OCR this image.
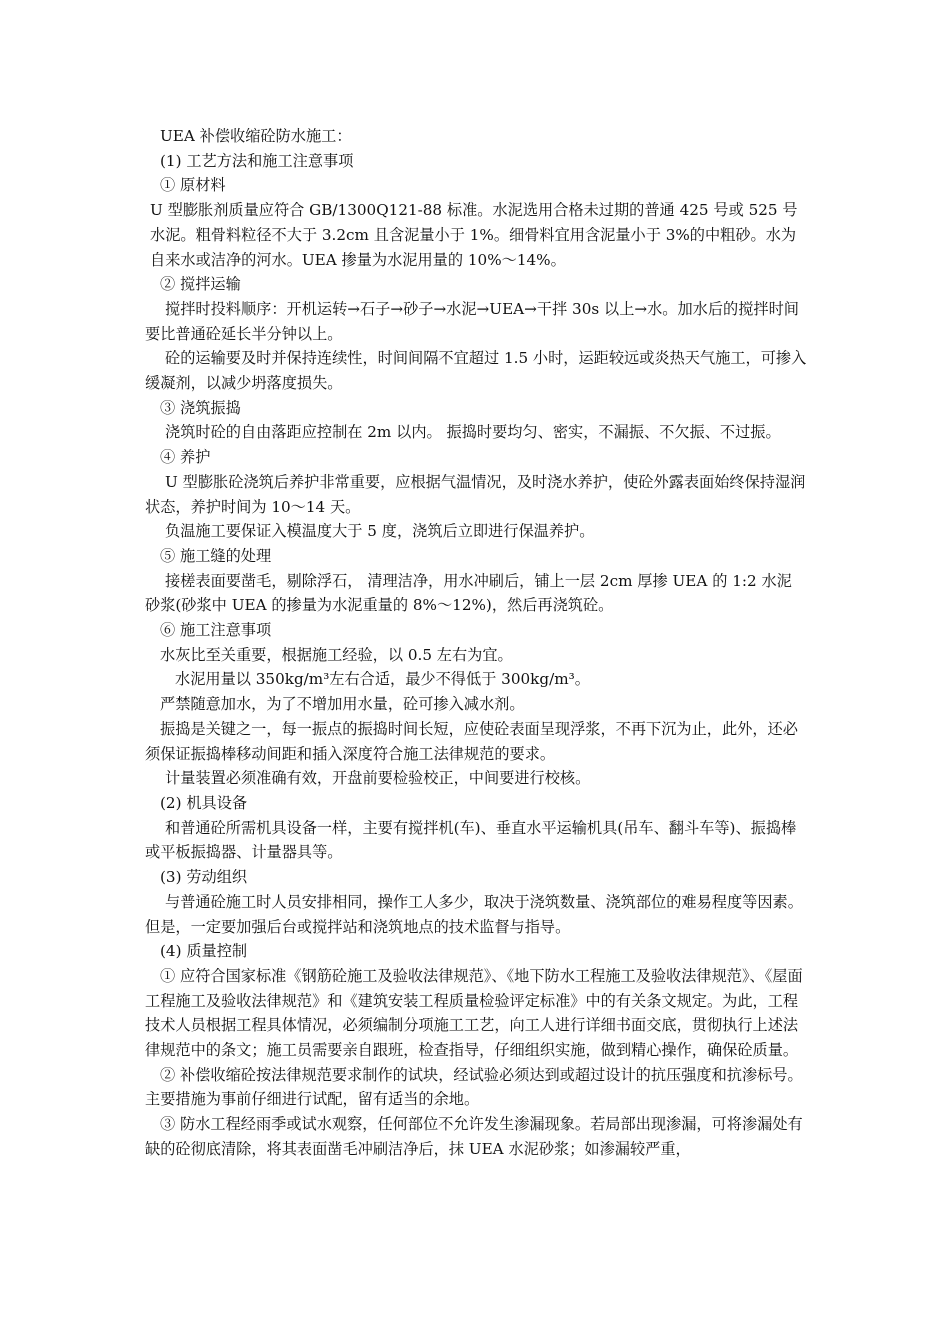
UEA 补偿收缩砼防水施工：

(1) 工艺方法和施工注意事项

① 原材料

U 型膨胀剂质量应符合 GB/1300Q121-88 标准。水泥选用合格未过期的普通 425 号或 525 号水泥。粗骨料粒径不大于 3.2cm 且含泥量小于 1%。细骨料宜用含泥量小于 3%的中粗砂。水为自来水或洁净的河水。UEA 掺量为水泥用量的 10%～14%。

② 搅拌运输

搅拌时投料顺序：开机运转→石子→砂子→水泥→UEA→干拌 30s 以上→水。加水后的搅拌时间要比普通砼延长半分钟以上。

砼的运输要及时并保持连续性，时间间隔不宜超过 1.5 小时，运距较远或炎热天气施工，可掺入缓凝剂，以减少坍落度损失。

③ 浇筑振捣

浇筑时砼的自由落距应控制在 2m 以内。 振捣时要均匀、密实，不漏振、不欠振、不过振。

④ 养护

U 型膨胀砼浇筑后养护非常重要，应根据气温情况，及时浇水养护，使砼外露表面始终保持湿润状态，养护时间为 10～14 天。

负温施工要保证入模温度大于 5 度，浇筑后立即进行保温养护。

⑤ 施工缝的处理

接槎表面要凿毛，剔除浮石， 清理洁净，用水冲刷后，铺上一层 2cm 厚掺 UEA 的 1:2 水泥砂浆(砂浆中 UEA 的掺量为水泥重量的 8%～12%)，然后再浇筑砼。

⑥ 施工注意事项

水灰比至关重要，根据施工经验，以 0.5 左右为宜。

水泥用量以 350kg/m³左右合适，最少不得低于 300kg/m³。

严禁随意加水，为了不增加用水量，砼可掺入减水剂。

振捣是关键之一，每一振点的振捣时间长短，应使砼表面呈现浮浆，不再下沉为止，此外，还必须保证振捣棒移动间距和插入深度符合施工法律规范的要求。

计量装置必须准确有效，开盘前要检验校正，中间要进行校核。

(2) 机具设备

和普通砼所需机具设备一样，主要有搅拌机(车)、垂直水平运输机具(吊车、翻斗车等)、振捣棒或平板振捣器、计量器具等。

(3) 劳动组织

与普通砼施工时人员安排相同，操作工人多少，取决于浇筑数量、浇筑部位的难易程度等因素。但是，一定要加强后台或搅拌站和浇筑地点的技术监督与指导。

(4) 质量控制

① 应符合国家标准《钢筋砼施工及验收法律规范》、《地下防水工程施工及验收法律规范》、《屋面工程施工及验收法律规范》和《建筑安装工程质量检验评定标准》中的有关条文规定。为此，工程技术人员根据工程具体情况，必须编制分项施工工艺，向工人进行详细书面交底，贯彻执行上述法律规范中的条文；施工员需要亲自跟班，检查指导，仔细组织实施，做到精心操作，确保砼质量。

② 补偿收缩砼按法律规范要求制作的试块，经试验必须达到或超过设计的抗压强度和抗渗标号。主要措施为事前仔细进行试配，留有适当的余地。

③ 防水工程经雨季或试水观察，任何部位不允许发生渗漏现象。若局部出现渗漏，可将渗漏处有缺的砼彻底清除，将其表面凿毛冲刷洁净后，抹 UEA 水泥砂浆；如渗漏较严重，
